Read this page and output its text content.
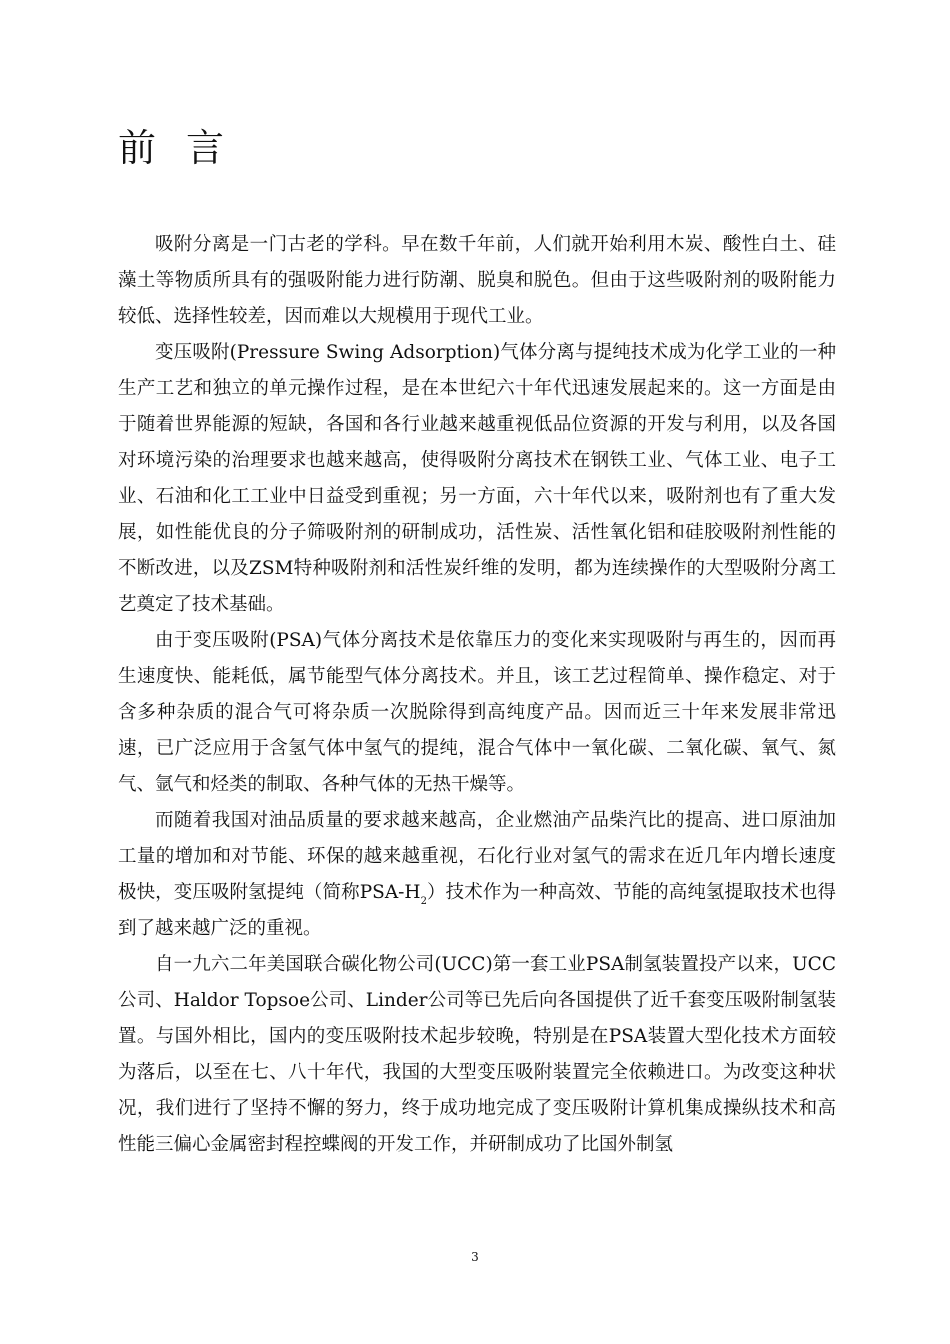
前言

吸附分离是一门古老的学科。早在数千年前，人们就开始利用木炭、酸性白土、硅藻土等物质所具有的强吸附能力进行防潮、脱臭和脱色。但由于这些吸附剂的吸附能力较低、选择性较差，因而难以大规模用于现代工业。

变压吸附(Pressure Swing Adsorption)气体分离与提纯技术成为化学工业的一种生产工艺和独立的单元操作过程，是在本世纪六十年代迅速发展起来的。这一方面是由于随着世界能源的短缺，各国和各行业越来越重视低品位资源的开发与利用，以及各国对环境污染的治理要求也越来越高，使得吸附分离技术在钢铁工业、气体工业、电子工业、石油和化工工业中日益受到重视；另一方面，六十年代以来，吸附剂也有了重大发展，如性能优良的分子筛吸附剂的研制成功，活性炭、活性氧化铝和硅胶吸附剂性能的不断改进，以及ZSM特种吸附剂和活性炭纤维的发明，都为连续操作的大型吸附分离工艺奠定了技术基础。

由于变压吸附(PSA)气体分离技术是依靠压力的变化来实现吸附与再生的，因而再生速度快、能耗低，属节能型气体分离技术。并且，该工艺过程简单、操作稳定、对于含多种杂质的混合气可将杂质一次脱除得到高纯度产品。因而近三十年来发展非常迅速，已广泛应用于含氢气体中氢气的提纯，混合气体中一氧化碳、二氧化碳、氧气、氮气、氩气和烃类的制取、各种气体的无热干燥等。

而随着我国对油品质量的要求越来越高，企业燃油产品柴汽比的提高、进口原油加工量的增加和对节能、环保的越来越重视，石化行业对氢气的需求在近几年内增长速度极快，变压吸附氢提纯（简称PSA-$H_2$）技术作为一种高效、节能的高纯氢提取技术也得到了越来越广泛的重视。

自一九六二年美国联合碳化物公司(UCC)第一套工业PSA制氢装置投产以来，UCC公司、Haldor Topsoe公司、Linder公司等已先后向各国提供了近千套变压吸附制氢装置。与国外相比，国内的变压吸附技术起步较晚，特别是在PSA装置大型化技术方面较为落后，以至在七、八十年代，我国的大型变压吸附装置完全依赖进口。为改变这种状况，我们进行了坚持不懈的努力，终于成功地完成了变压吸附计算机集成操纵技术和高性能三偏心金属密封程控蝶阀的开发工作，并研制成功了比国外制氢

3
